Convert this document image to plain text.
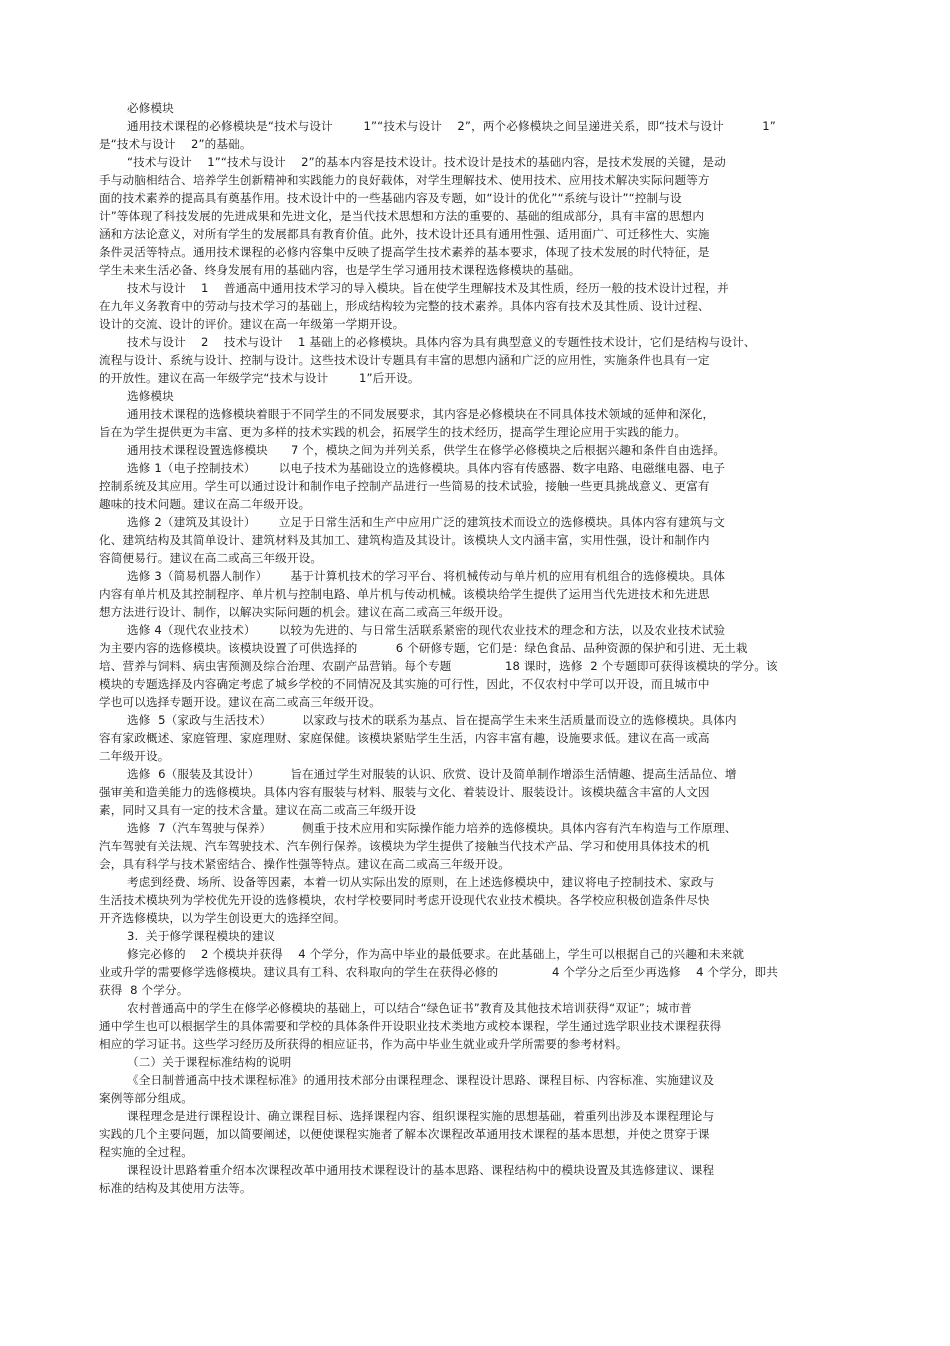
必修模块
通用技术课程的必修模块是“技术与设计        1”“技术与设计    2”，两个必修模块之间呈递进关系，即“技术与设计          1”
是“技术与设计    2”的基础。
“技术与设计    1”“技术与设计    2”的基本内容是技术设计。技术设计是技术的基础内容，是技术发展的关键，是动
手与动脑相结合、培养学生创新精神和实践能力的良好载体，对学生理解技术、使用技术、应用技术解决实际问题等方
面的技术素养的提高具有奠基作用。技术设计中的一些基础内容及专题，如“设计的优化”“系统与设计”“控制与设
计”等体现了科技发展的先进成果和先进文化，是当代技术思想和方法的重要的、基础的组成部分，具有丰富的思想内
涵和方法论意义，对所有学生的发展都具有教育价值。此外，技术设计还具有通用性强、适用面广、可迁移性大、实施
条件灵活等特点。通用技术课程的必修内容集中反映了提高学生技术素养的基本要求，体现了技术发展的时代特征，是
学生未来生活必备、终身发展有用的基础内容，也是学生学习通用技术课程选修模块的基础。
技术与设计    1    普通高中通用技术学习的导入模块。旨在使学生理解技术及其性质，经历一般的技术设计过程，并
在九年义务教育中的劳动与技术学习的基础上，形成结构较为完整的技术素养。具体内容有技术及其性质、设计过程、
设计的交流、设计的评价。建议在高一年级第一学期开设。
技术与设计    2    技术与设计    1 基础上的必修模块。具体内容为具有典型意义的专题性技术设计，它们是结构与设计、
流程与设计、系统与设计、控制与设计。这些技术设计专题具有丰富的思想内涵和广泛的应用性，实施条件也具有一定
的开放性。建议在高一年级学完“技术与设计        1”后开设。
选修模块
通用技术课程的选修模块着眼于不同学生的不同发展要求，其内容是必修模块在不同具体技术领域的延伸和深化，
旨在为学生提供更为丰富、更为多样的技术实践的机会，拓展学生的技术经历，提高学生理论应用于实践的能力。
通用技术课程设置选修模块      7 个，模块之间为并列关系，供学生在修学必修模块之后根据兴趣和条件自由选择。
选修 1（电子控制技术）      以电子技术为基础设立的选修模块。具体内容有传感器、数字电路、电磁继电器、电子
控制系统及其应用。学生可以通过设计和制作电子控制产品进行一些简易的技术试验，接触一些更具挑战意义、更富有
趣味的技术问题。建议在高二年级开设。
选修 2（建筑及其设计）      立足于日常生活和生产中应用广泛的建筑技术而设立的选修模块。具体内容有建筑与文
化、建筑结构及其简单设计、建筑材料及其加工、建筑构造及其设计。该模块人文内涵丰富，实用性强，设计和制作内
容简便易行。建议在高二或高三年级开设。
选修 3（简易机器人制作）      基于计算机技术的学习平台、将机械传动与单片机的应用有机组合的选修模块。具体
内容有单片机及其控制程序、单片机与控制电路、单片机与传动机械。该模块给学生提供了运用当代先进技术和先进思
想方法进行设计、制作，以解决实际问题的机会。建议在高二或高三年级开设。
选修 4（现代农业技术）      以较为先进的、与日常生活联系紧密的现代农业技术的理念和方法，以及农业技术试验
为主要内容的选修模块。该模块设置了可供选择的          6 个研修专题，它们是：绿色食品、品种资源的保护和引进、无土栽
培、营养与饲料、病虫害预测及综合治理、农副产品营销。每个专题              18 课时，选修  2 个专题即可获得该模块的学分。该
模块的专题选择及内容确定考虑了城乡学校的不同情况及其实施的可行性，因此，不仅农村中学可以开设，而且城市中
学也可以选择专题开设。建议在高二或高三年级开设。
选修  5（家政与生活技术）        以家政与技术的联系为基点、旨在提高学生未来生活质量而设立的选修模块。具体内
容有家政概述、家庭管理、家庭理财、家庭保健。该模块紧贴学生生活，内容丰富有趣，设施要求低。建议在高一或高
二年级开设。
选修  6（服装及其设计）        旨在通过学生对服装的认识、欣赏、设计及简单制作增添生活情趣、提高生活品位、增
强审美和造美能力的选修模块。具体内容有服装与材料、服装与文化、着装设计、服装设计。该模块蕴含丰富的人文因
素，同时又具有一定的技术含量。建议在高二或高三年级开设
选修  7（汽车驾驶与保养）        侧重于技术应用和实际操作能力培养的选修模块。具体内容有汽车构造与工作原理、
汽车驾驶有关法规、汽车驾驶技术、汽车例行保养。该模块为学生提供了接触当代技术产品、学习和使用具体技术的机
会，具有科学与技术紧密结合、操作性强等特点。建议在高二或高三年级开设。
考虑到经费、场所、设备等因素，本着一切从实际出发的原则，在上述选修模块中，建议将电子控制技术、家政与
生活技术模块列为学校优先开设的选修模块，农村学校要同时考虑开设现代农业技术模块。各学校应积极创造条件尽快
开齐选修模块，以为学生创设更大的选择空间。
3.  关于修学课程模块的建议
修完必修的    2 个模块并获得    4 个学分，作为高中毕业的最低要求。在此基础上，学生可以根据自己的兴趣和未来就
业或升学的需要修学选修模块。建议具有工科、农科取向的学生在获得必修的              4 个学分之后至少再选修    4 个学分，即共
获得  8 个学分。
农村普通高中的学生在修学必修模块的基础上，可以结合“绿色证书”教育及其他技术培训获得“双证”；城市普
通中学生也可以根据学生的具体需要和学校的具体条件开设职业技术类地方或校本课程，学生通过选学职业技术课程获得
相应的学习证书。这些学习经历及所获得的相应证书，作为高中毕业生就业或升学所需要的参考材料。
（二）关于课程标准结构的说明
《全日制普通高中技术课程标准》的通用技术部分由课程理念、课程设计思路、课程目标、内容标准、实施建议及
案例等部分组成。
课程理念是进行课程设计、确立课程目标、选择课程内容、组织课程实施的思想基础，着重列出涉及本课程理论与
实践的几个主要问题，加以简要阐述，以便使课程实施者了解本次课程改革通用技术课程的基本思想，并使之贯穿于课
程实施的全过程。
课程设计思路着重介绍本次课程改革中通用技术课程设计的基本思路、课程结构中的模块设置及其选修建议、课程
标准的结构及其使用方法等。
